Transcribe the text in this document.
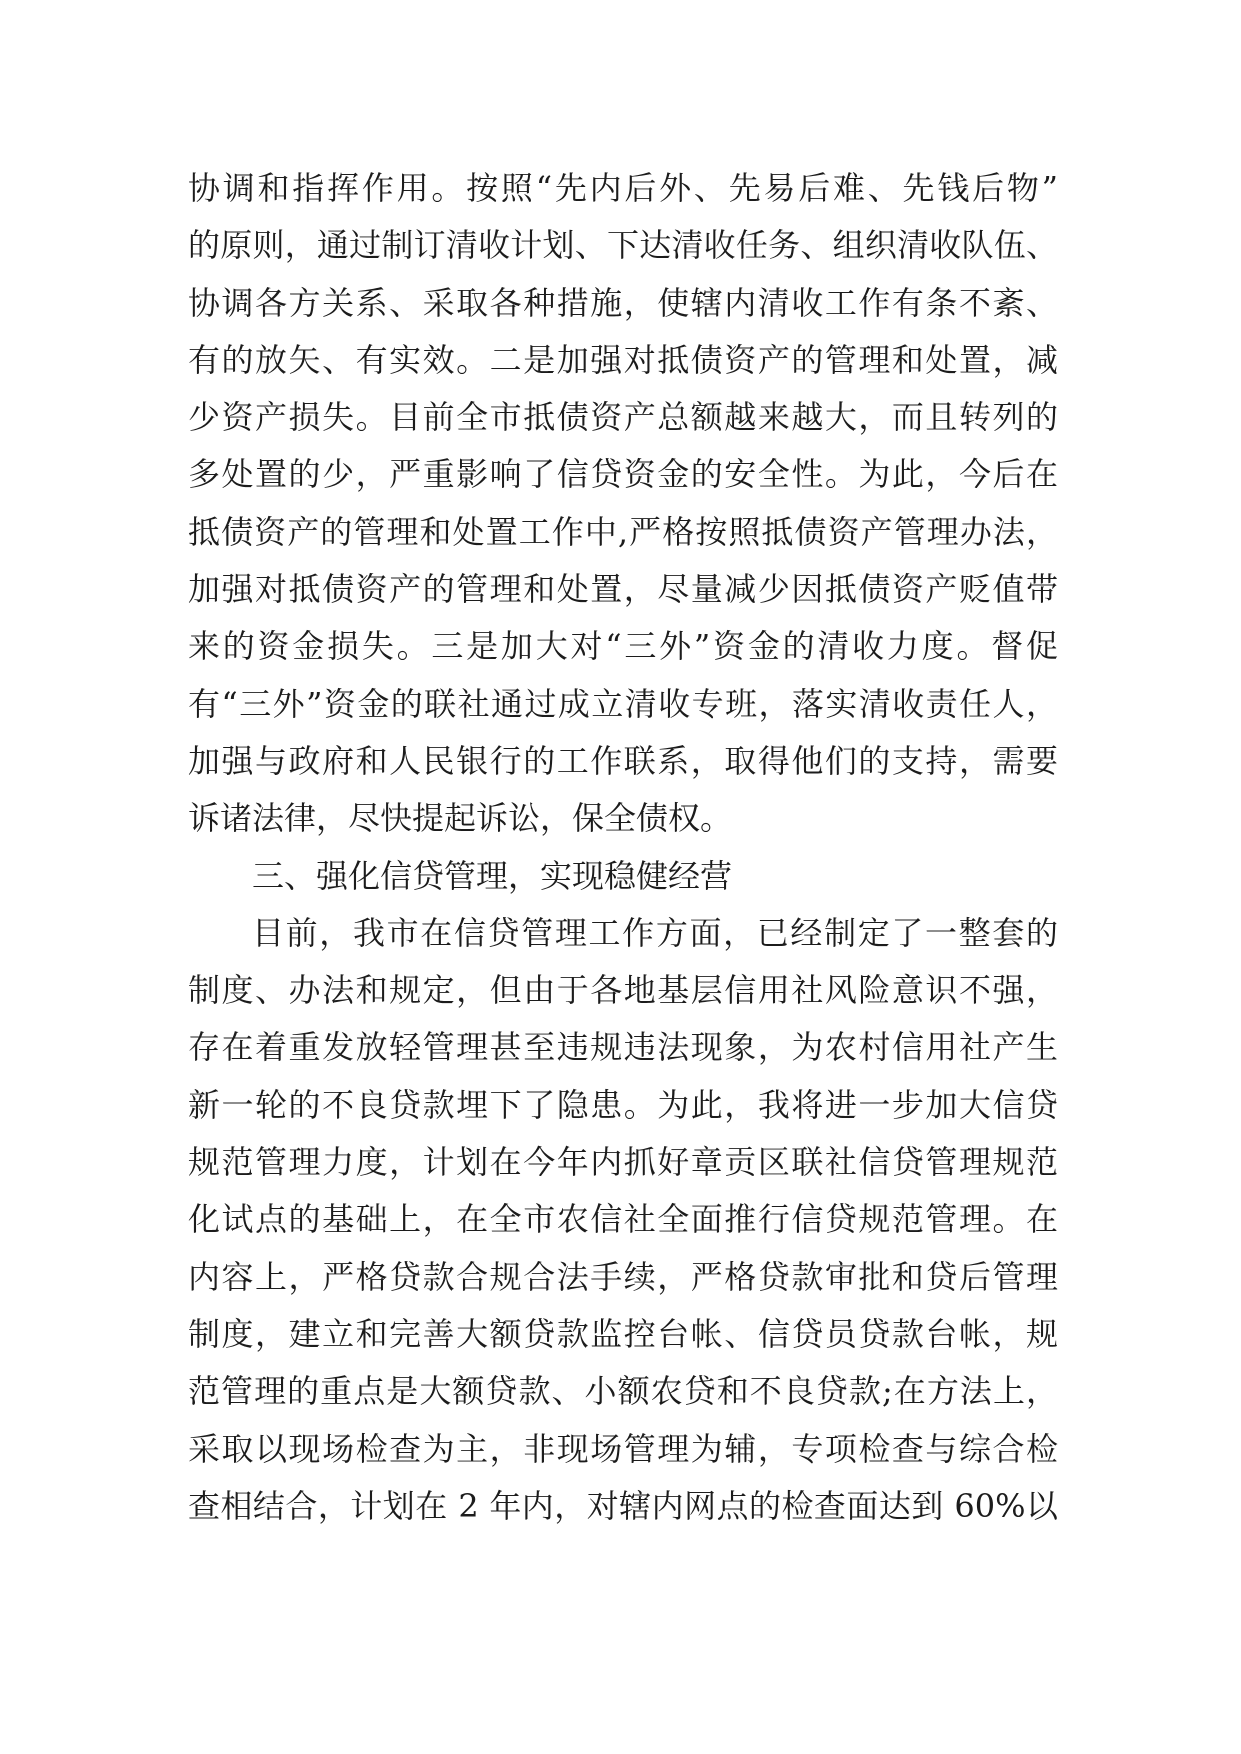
协调和指挥作用。按照“先内后外、先易后难、先钱后物”
的原则，通过制订清收计划、下达清收任务、组织清收队伍、
协调各方关系、采取各种措施，使辖内清收工作有条不紊、
有的放矢、有实效。二是加强对抵债资产的管理和处置，减
少资产损失。目前全市抵债资产总额越来越大，而且转列的
多处置的少，严重影响了信贷资金的安全性。为此，今后在
抵债资产的管理和处置工作中,严格按照抵债资产管理办法，
加强对抵债资产的管理和处置，尽量减少因抵债资产贬值带
来的资金损失。三是加大对“三外”资金的清收力度。督促
有“三外”资金的联社通过成立清收专班，落实清收责任人，
加强与政府和人民银行的工作联系，取得他们的支持，需要
诉诸法律，尽快提起诉讼，保全债权。
三、强化信贷管理，实现稳健经营
目前，我市在信贷管理工作方面，已经制定了一整套的
制度、办法和规定，但由于各地基层信用社风险意识不强，
存在着重发放轻管理甚至违规违法现象，为农村信用社产生
新一轮的不良贷款埋下了隐患。为此，我将进一步加大信贷
规范管理力度，计划在今年内抓好章贡区联社信贷管理规范
化试点的基础上，在全市农信社全面推行信贷规范管理。在
内容上，严格贷款合规合法手续，严格贷款审批和贷后管理
制度，建立和完善大额贷款监控台帐、信贷员贷款台帐，规
范管理的重点是大额贷款、小额农贷和不良贷款;在方法上，
采取以现场检查为主，非现场管理为辅，专项检查与综合检
查相结合，计划在 2 年内，对辖内网点的检查面达到 60%以
